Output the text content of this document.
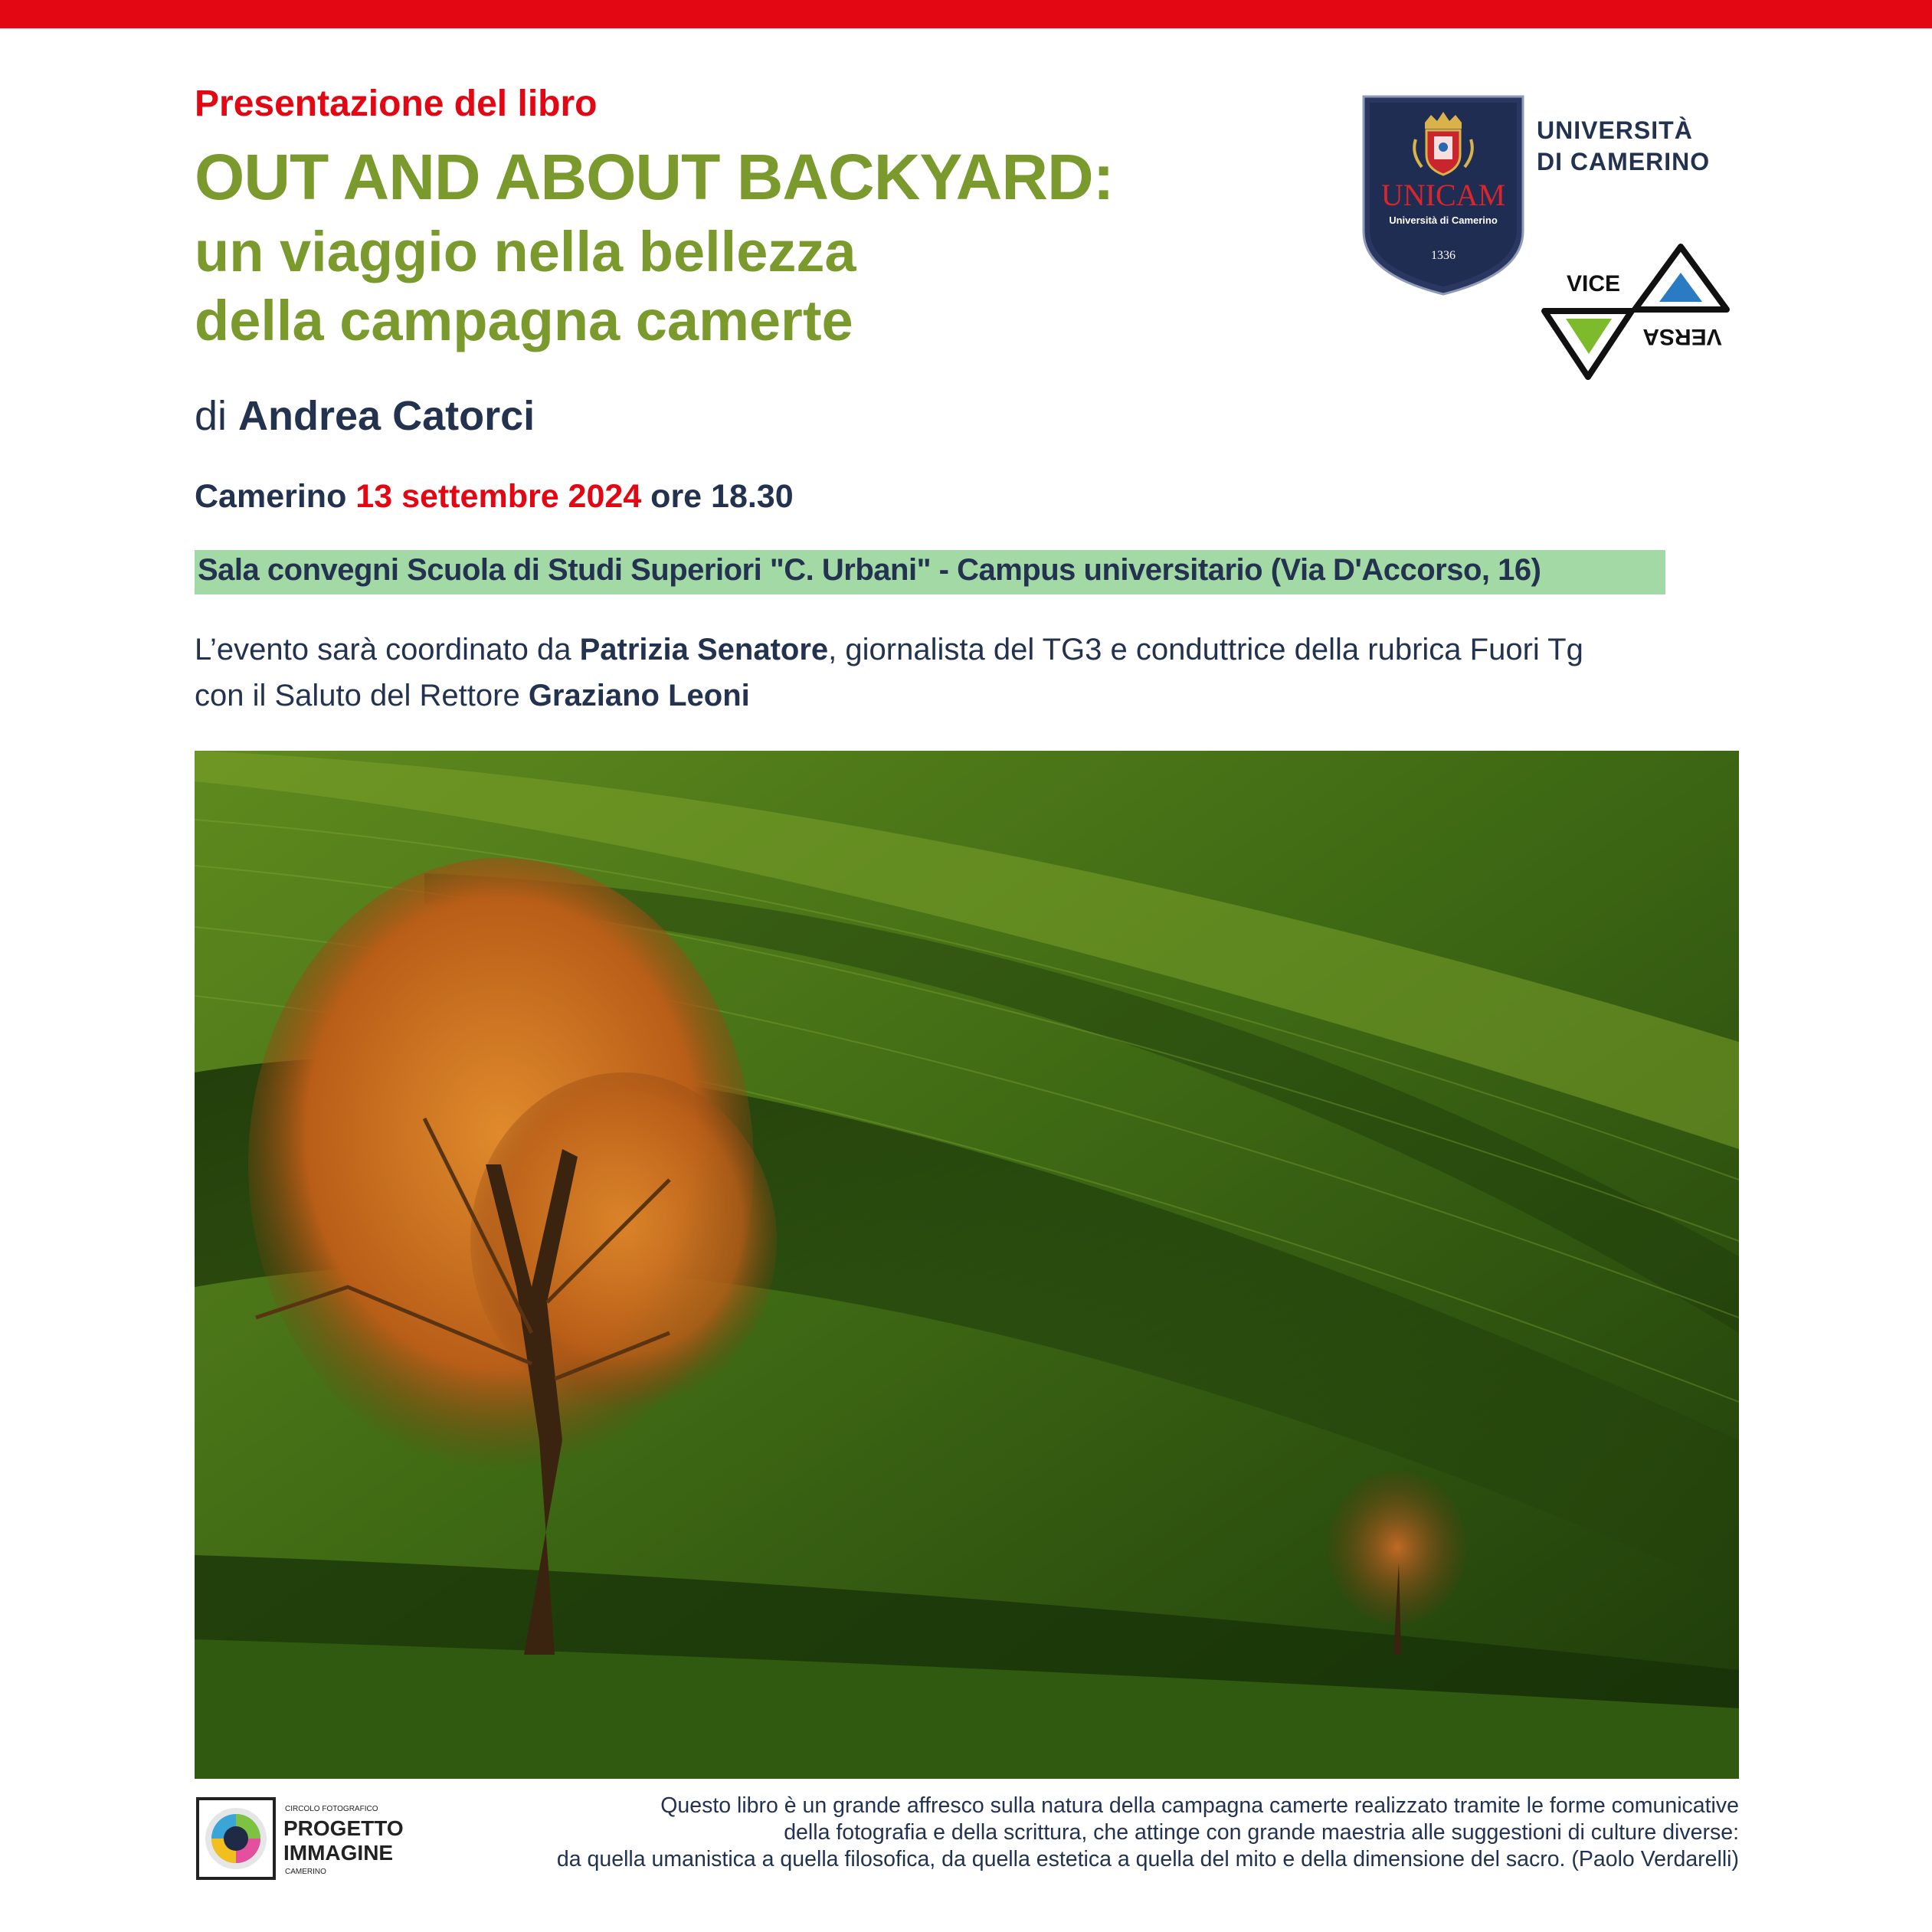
Presentazione del libro
OUT AND ABOUT BACKYARD:
un viaggio nella bellezza
della campagna camerte
di Andrea Catorci
Camerino 13 settembre 2024 ore 18.30
Sala convegni Scuola di Studi Superiori "C. Urbani" - Campus universitario (Via D'Accorso, 16)
L’evento sarà coordinato da Patrizia Senatore, giornalista del TG3 e conduttrice della rubrica Fuori Tg
con il Saluto del Rettore Graziano Leoni
UNICAM
Università di Camerino
1336
UNIVERSITÀ
DI CAMERINO
VICE
VERSA
CIRCOLO FOTOGRAFICO
PROGETTO
IMMAGINE
CAMERINO
Questo libro è un grande affresco sulla natura della campagna camerte realizzato tramite le forme comunicative
della fotografia e della scrittura, che attinge con grande maestria alle suggestioni di culture diverse:
da quella umanistica a quella filosofica, da quella estetica a quella del mito e della dimensione del sacro. (Paolo Verdarelli)
